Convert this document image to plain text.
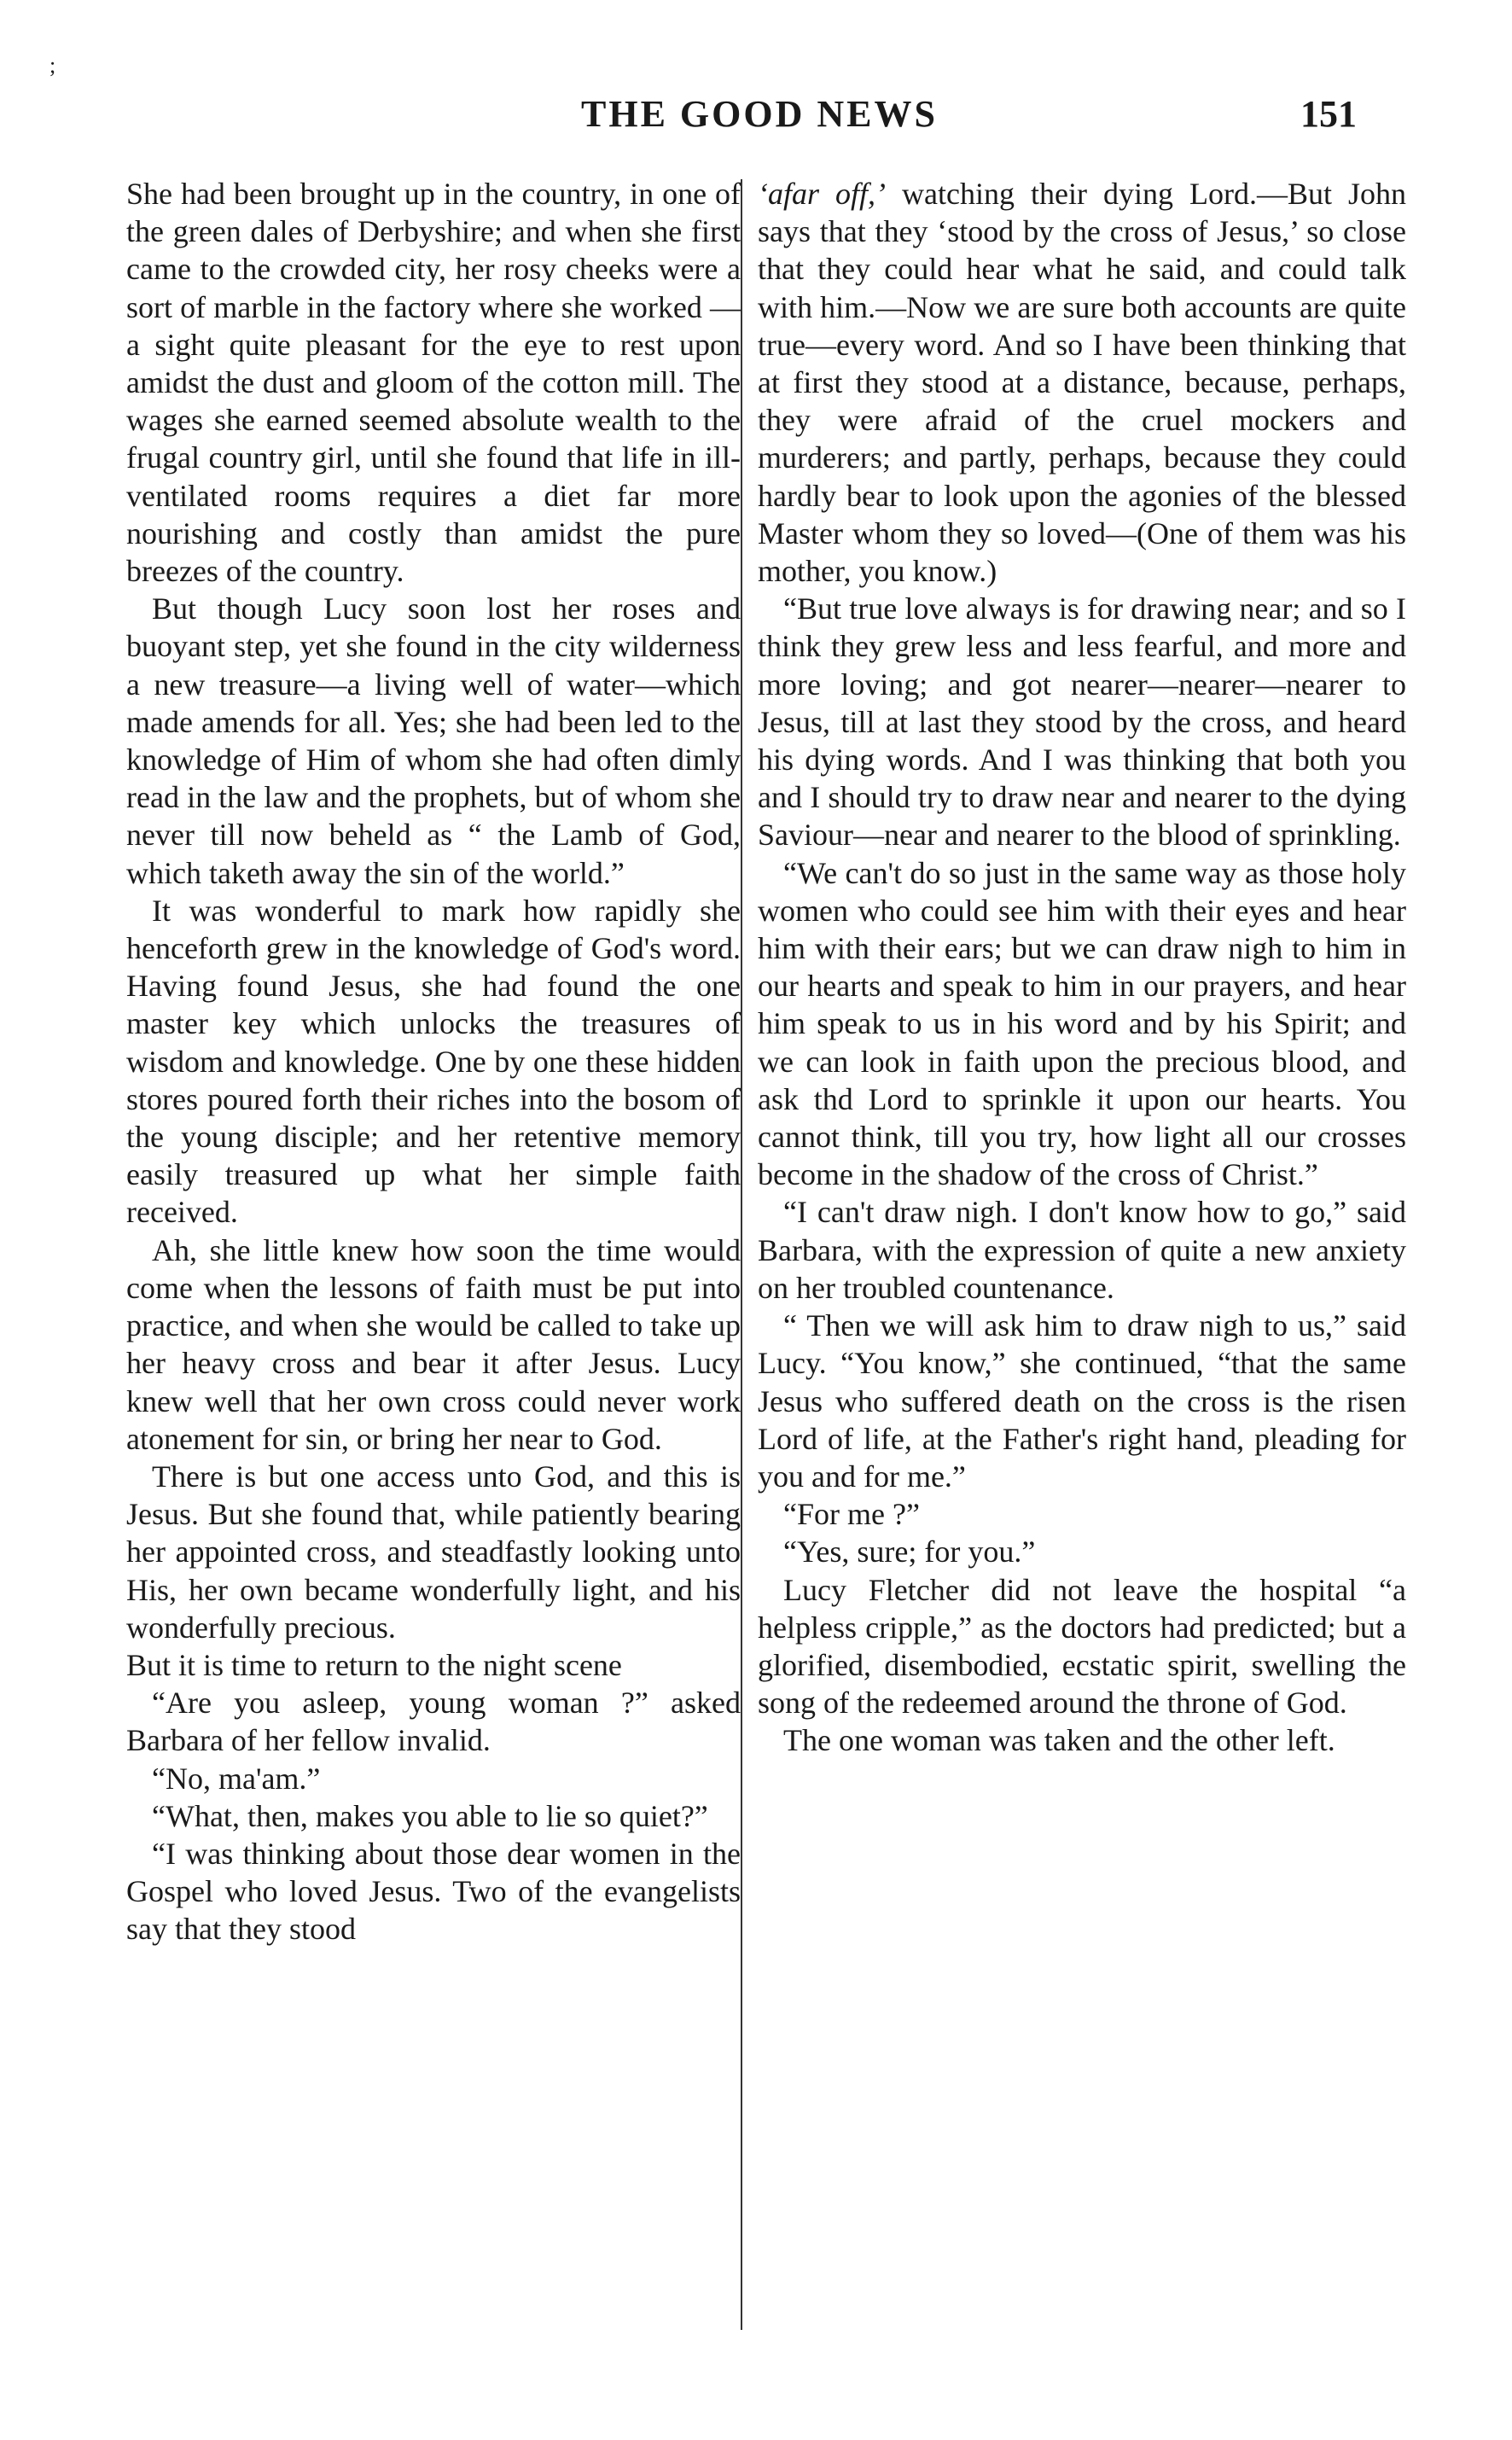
;
THE GOOD NEWS	151

She had been brought up in the country, in one of the green dales of Derbyshire; and when she first came to the crowded city, her rosy cheeks were a sort of marble in the factory where she worked —a sight quite pleasant for the eye to rest upon amidst the dust and gloom of the cotton mill. The wages she earned seemed absolute wealth to the frugal country girl, until she found that life in ill-ventilated rooms requires a diet far more nourishing and costly than amidst the pure breezes of the country.

But though Lucy soon lost her roses and buoyant step, yet she found in the city wilderness a new treasure—a living well of water—which made amends for all. Yes; she had been led to the knowledge of Him of whom she had often dimly read in the law and the prophets, but of whom she never till now beheld as “ the Lamb of God, which taketh away the sin of the world.”

It was wonderful to mark how rapidly she henceforth grew in the knowledge of God's word. Having found Jesus, she had found the one master key which unlocks the treasures of wisdom and knowledge. One by one these hidden stores poured forth their riches into the bosom of the young disciple; and her retentive memory easily treasured up what her simple faith received.

Ah, she little knew how soon the time would come when the lessons of faith must be put into practice, and when she would be called to take up her heavy cross and bear it after Jesus. Lucy knew well that her own cross could never work atonement for sin, or bring her near to God.

There is but one access unto God, and this is Jesus. But she found that, while patiently bearing her appointed cross, and steadfastly looking unto His, her own became wonderfully light, and his wonderfully precious.

But it is time to return to the night scene

“Are you asleep, young woman ?” asked Barbara of her fellow invalid.

“No, ma'am.”

“What, then, makes you able to lie so quiet?”

“I was thinking about those dear women in the Gospel who loved Jesus. Two of the evangelists say that they stood

‘afar off,’ watching their dying Lord.—But John says that they ‘stood by the cross of Jesus,’ so close that they could hear what he said, and could talk with him.—Now we are sure both accounts are quite true—every word. And so I have been thinking that at first they stood at a distance, because, perhaps, they were afraid of the cruel mockers and murderers; and partly, perhaps, because they could hardly bear to look upon the agonies of the blessed Master whom they so loved—(One of them was his mother, you know.)

“But true love always is for drawing near; and so I think they grew less and less fearful, and more and more loving; and got nearer—nearer—nearer to Jesus, till at last they stood by the cross, and heard his dying words. And I was thinking that both you and I should try to draw near and nearer to the dying Saviour—near and nearer to the blood of sprinkling.

“We can't do so just in the same way as those holy women who could see him with their eyes and hear him with their ears; but we can draw nigh to him in our hearts and speak to him in our prayers, and hear him speak to us in his word and by his Spirit; and we can look in faith upon the precious blood, and ask thd Lord to sprinkle it upon our hearts. You cannot think, till you try, how light all our crosses become in the shadow of the cross of Christ.”

“I can't draw nigh. I don't know how to go,” said Barbara, with the expression of quite a new anxiety on her troubled countenance.

“ Then we will ask him to draw nigh to us,” said Lucy. “You know,” she continued, “that the same Jesus who suffered death on the cross is the risen Lord of life, at the Father's right hand, pleading for you and for me.”

“For me ?”

“Yes, sure; for you.”

Lucy Fletcher did not leave the hospital “a helpless cripple,” as the doctors had predicted; but a glorified, disembodied, ecstatic spirit, swelling the song of the redeemed around the throne of God.

The one woman was taken and the other left.
